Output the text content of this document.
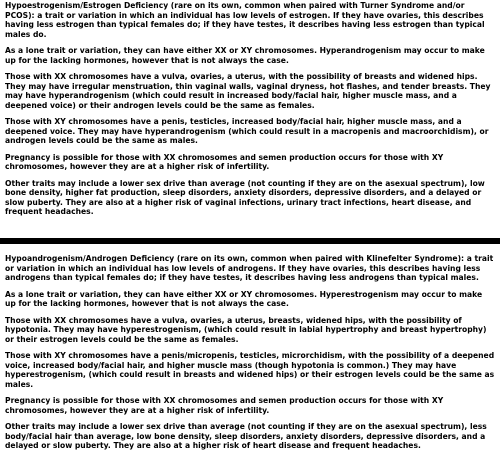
Hypoestrogenism/Estrogen Deficiency (rare on its own, common when paired with Turner Syndrome and/or PCOS): a trait or variation in which an individual has low levels of estrogen. If they have ovaries, this describes having less estrogen than typical females do; if they have testes, it describes having less estrogen than typical males do.

As a lone trait or variation, they can have either XX or XY chromosomes. Hyperandrogenism may occur to make up for the lacking hormones, however that is not always the case.

Those with XX chromosomes have a vulva, ovaries, a uterus, with the possibility of breasts and widened hips. They may have irregular menstruation, thin vaginal walls, vaginal dryness, hot flashes, and tender breasts. They may have hyperandrogenism (which could result in increased body/facial hair, higher muscle mass, and a deepened voice) or their androgen levels could be the same as females.

Those with XY chromosomes have a penis, testicles, increased body/facial hair, higher muscle mass, and a deepened voice. They may have hyperandrogenism (which could result in a macropenis and macroorchidism), or androgen levels could be the same as males.

Pregnancy is possible for those with XX chromosomes and semen production occurs for those with XY chromosomes, however they are at a higher risk of infertility.

Other traits may include a lower sex drive than average (not counting if they are on the asexual spectrum), low bone density, higher fat production, sleep disorders, anxiety disorders, depressive disorders, and a delayed or slow puberty. They are also at a higher risk of vaginal infections, urinary tract infections, heart disease, and frequent headaches.

Hypoandrogenism/Androgen Deficiency (rare on its own, common when paired with Klinefelter Syndrome): a trait or variation in which an individual has low levels of androgens. If they have ovaries, this describes having less androgens than typical females do; if they have testes, it describes having less androgens than typical males.

As a lone trait or variation, they can have either XX or XY chromosomes. Hyperestrogenism may occur to make up for the lacking hormones, however that is not always the case.

Those with XX chromosomes have a vulva, ovaries, a uterus, breasts, widened hips, with the possibility of hypotonia. They may have hyperestrogenism, (which could result in labial hypertrophy and breast hypertrophy) or their estrogen levels could be the same as females.

Those with XY chromosomes have a penis/micropenis, testicles, microrchidism, with the possibility of a deepened voice, increased body/facial hair, and higher muscle mass (though hypotonia is common.) They may have hyperestrogenism, (which could result in breasts and widened hips) or their estrogen levels could be the same as males.

Pregnancy is possible for those with XX chromosomes and semen production occurs for those with XY chromosomes, however they are at a higher risk of infertility.

Other traits may include a lower sex drive than average (not counting if they are on the asexual spectrum), less body/facial hair than average, low bone density, sleep disorders, anxiety disorders, depressive disorders, and a delayed or slow puberty. They are also at a higher risk of heart disease and frequent headaches.
